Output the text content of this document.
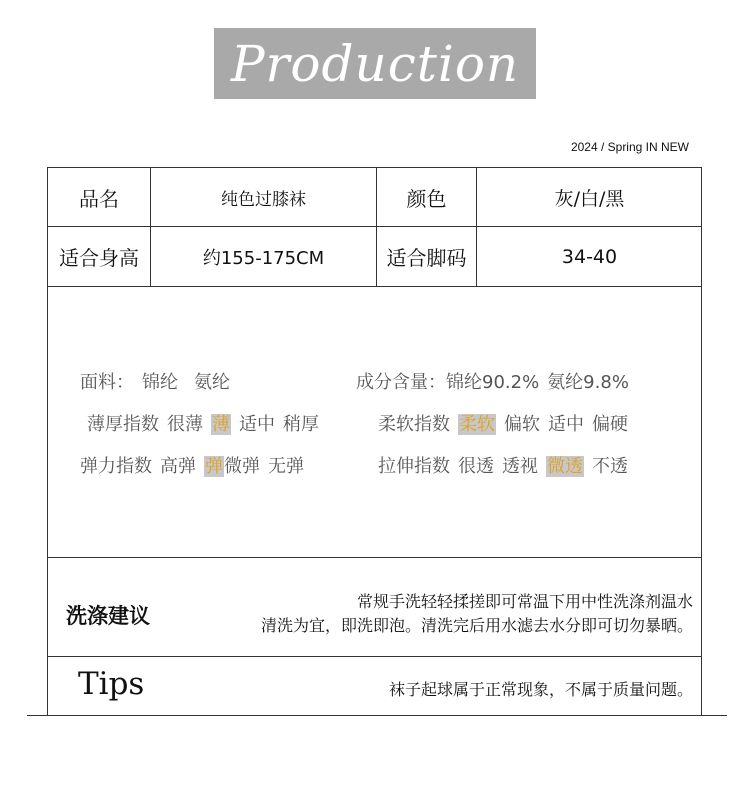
Production
2024 / Spring IN NEW
品名	纯色过膝袜	颜色	灰/白/黑
适合身高	约155-175CM	适合脚码	34-40
面料： 锦纶 氨纶	成分含量：锦纶90.2% 氨纶9.8%
薄厚指数 很薄 薄 适中 稍厚	柔软指数 柔软 偏软 适中 偏硬
弹力指数 高弹 弹微弹 无弹	拉伸指数 很透 透视 微透 不透
洗涤建议
常规手洗轻轻揉搓即可常温下用中性洗涤剂温水
清洗为宜，即洗即泡。清洗完后用水滤去水分即可切勿暴晒。
Tips	袜子起球属于正常现象，不属于质量问题。
